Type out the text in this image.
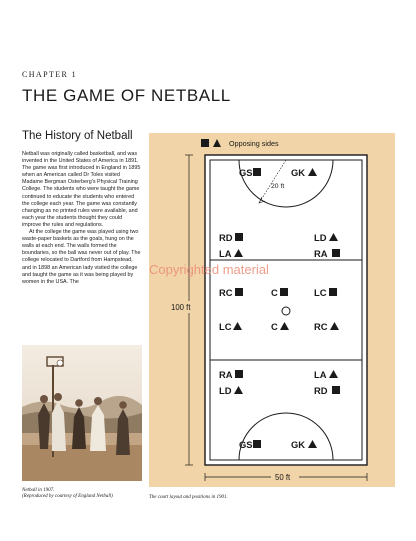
CHAPTER 1
THE GAME OF NETBALL
The History of Netball

Netball was originally called basketball, and was invented in the United States of America in 1891. The game was first introduced in England in 1895 when an American called Dr Toles visited Madame Bergman Osterberg's Physical Training College. The students who were taught the game continued to educate the students who entered the college each year. The game was constantly changing as no printed rules were available, and each year the students thought they could improve the rules and regulations.

At the college the game was played using two waste-paper baskets as the goals, hung on the walls at each end. The walls formed the boundaries, so the ball was never out of play. The college relocated to Dartford from Hampstead, and in 1898 an American lady visited the college and taught the game as it was being played by women in the USA. The

Netball in 1907.
(Reproduced by courtesy of England Netball)
Opposing sides
20 ft
100 ft
50 ft
GS	GK
RD
LA
LD
RA
RC	C	LC
LC	C	RC
RA
LD
LA
RD
GS	GK
Copyrighted material
The court layout and positions in 1901.
